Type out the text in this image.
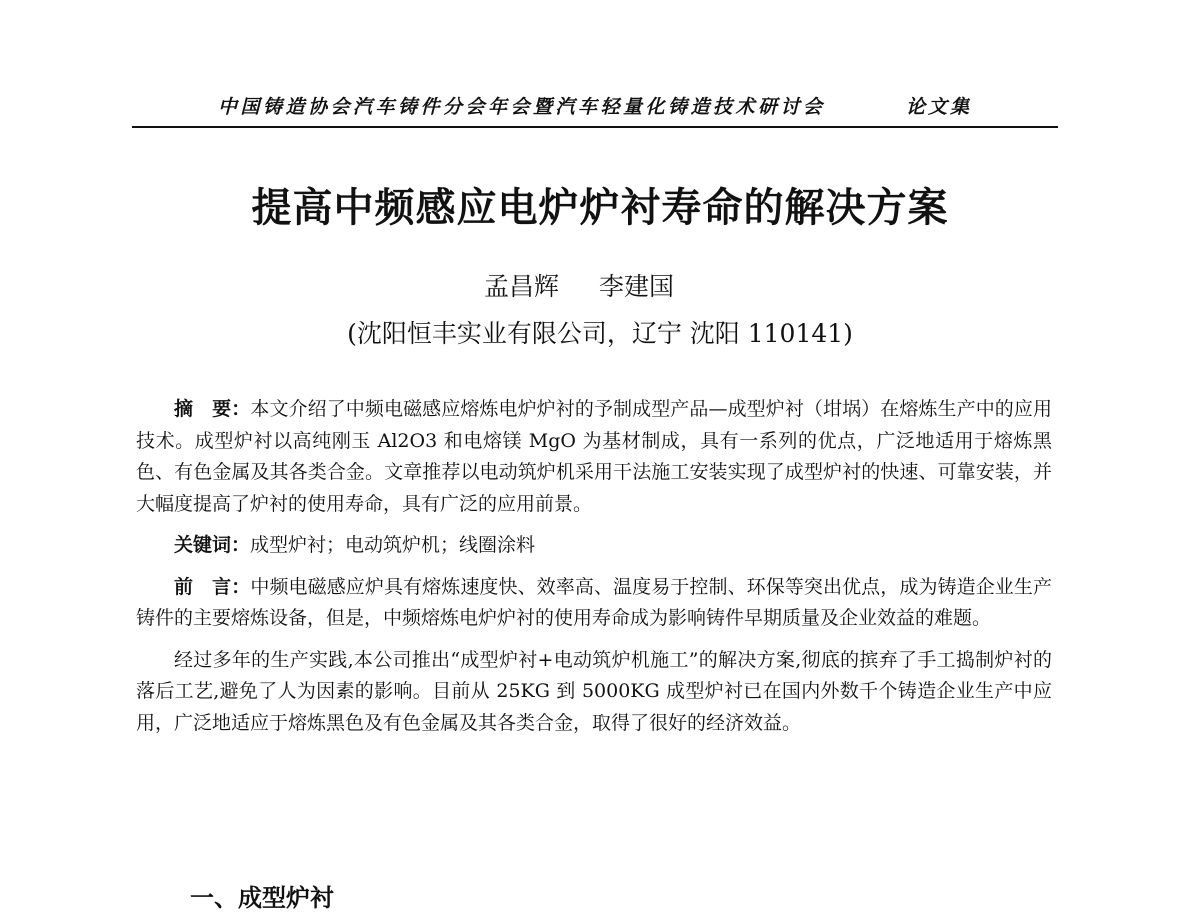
中国铸造协会汽车铸件分会年会暨汽车轻量化铸造技术研讨会	论文集
提高中频感应电炉炉衬寿命的解决方案
孟昌辉 李建国
(沈阳恒丰实业有限公司，辽宁 沈阳 110141)

摘　要：本文介绍了中频电磁感应熔炼电炉炉衬的予制成型产品—成型炉衬（坩埚）在熔炼生产中的应用技术。成型炉衬以高纯刚玉 Al2O3 和电熔镁 MgO 为基材制成，具有一系列的优点，广泛地适用于熔炼黑色、有色金属及其各类合金。文章推荐以电动筑炉机采用干法施工安装实现了成型炉衬的快速、可靠安装，并大幅度提高了炉衬的使用寿命，具有广泛的应用前景。

关键词：成型炉衬；电动筑炉机；线圈涂料

前　言：中频电磁感应炉具有熔炼速度快、效率高、温度易于控制、环保等突出优点，成为铸造企业生产铸件的主要熔炼设备，但是，中频熔炼电炉炉衬的使用寿命成为影响铸件早期质量及企业效益的难题。

经过多年的生产实践,本公司推出“成型炉衬+电动筑炉机施工”的解决方案,彻底的摈弃了手工捣制炉衬的落后工艺,避免了人为因素的影响。目前从 25KG 到 5000KG 成型炉衬已在国内外数千个铸造企业生产中应用，广泛地适应于熔炼黑色及有色金属及其各类合金，取得了很好的经济效益。

一、成型炉衬
